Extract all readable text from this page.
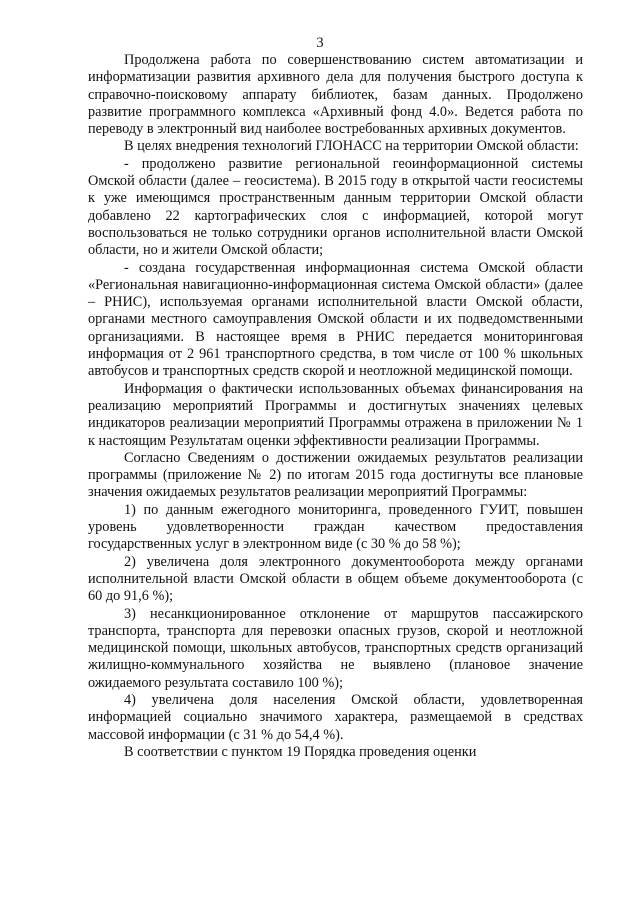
3

Продолжена работа по совершенствованию систем автоматизации и информатизации развития архивного дела для получения быстрого доступа к справочно-поисковому аппарату библиотек, базам данных. Продолжено развитие программного комплекса «Архивный фонд 4.0». Ведется работа по переводу в электронный вид наиболее востребованных архивных документов.

В целях внедрения технологий ГЛОНАСС на территории Омской области:

- продолжено развитие региональной геоинформационной системы Омской области (далее – геосистема). В 2015 году в открытой части геосистемы к уже имеющимся пространственным данным территории Омской области добавлено 22 картографических слоя с информацией, которой могут воспользоваться не только сотрудники органов исполнительной власти Омской области, но и жители Омской области;

- создана государственная информационная система Омской области «Региональная навигационно-информационная система Омской области» (далее – РНИС), используемая органами исполнительной власти Омской области, органами местного самоуправления Омской области и их подведомственными организациями. В настоящее время в РНИС передается мониторинговая информация от 2 961 транспортного средства, в том числе от 100 % школьных автобусов и транспортных средств скорой и неотложной медицинской помощи.

Информация о фактически использованных объемах финансирования на реализацию мероприятий Программы и достигнутых значениях целевых индикаторов реализации мероприятий Программы отражена в приложении № 1 к настоящим Результатам оценки эффективности реализации Программы.

Согласно Сведениям о достижении ожидаемых результатов реализации программы (приложение № 2) по итогам 2015 года достигнуты все плановые значения ожидаемых результатов реализации мероприятий Программы:

1) по данным ежегодного мониторинга, проведенного ГУИТ, повышен уровень удовлетворенности граждан качеством предоставления государственных услуг в электронном виде (с 30 % до 58 %);

2) увеличена доля электронного документооборота между органами исполнительной власти Омской области в общем объеме документооборота (с 60 до 91,6 %);

3) несанкционированное отклонение от маршрутов пассажирского транспорта, транспорта для перевозки опасных грузов, скорой и неотложной медицинской помощи, школьных автобусов, транспортных средств организаций жилищно-коммунального хозяйства не выявлено (плановое значение ожидаемого результата составило 100 %);

4) увеличена доля населения Омской области, удовлетворенная информацией социально значимого характера, размещаемой в средствах массовой информации (с 31 % до 54,4 %).

В соответствии с пунктом 19 Порядка проведения оценки
